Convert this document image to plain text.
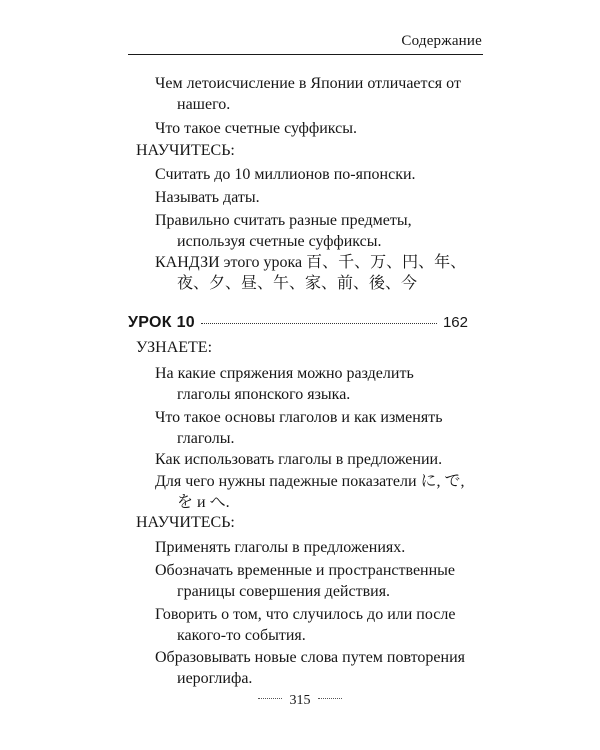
Содержание
Чем летоисчисление в Японии отличается от
нашего.
Что такое счетные суффиксы.
НАУЧИТЕСЬ:
Считать до 10 миллионов по-японски.
Называть даты.
Правильно считать разные предметы,
используя счетные суффиксы.
КАНДЗИ этого урока 百、千、万、円、年、
夜、夕、昼、午、家、前、後、今
УРОК 10	162
УЗНАЕТЕ:
На какие спряжения можно разделить
глаголы японского языка.
Что такое основы глаголов и как изменять
глаголы.
Как использовать глаголы в предложении.
Для чего нужны падежные показатели に, で,
を и へ.
НАУЧИТЕСЬ:
Применять глаголы в предложениях.
Обозначать временные и пространственные
границы совершения действия.
Говорить о том, что случилось до или после
какого-то события.
Образовывать новые слова путем повторения
иероглифа.
315
